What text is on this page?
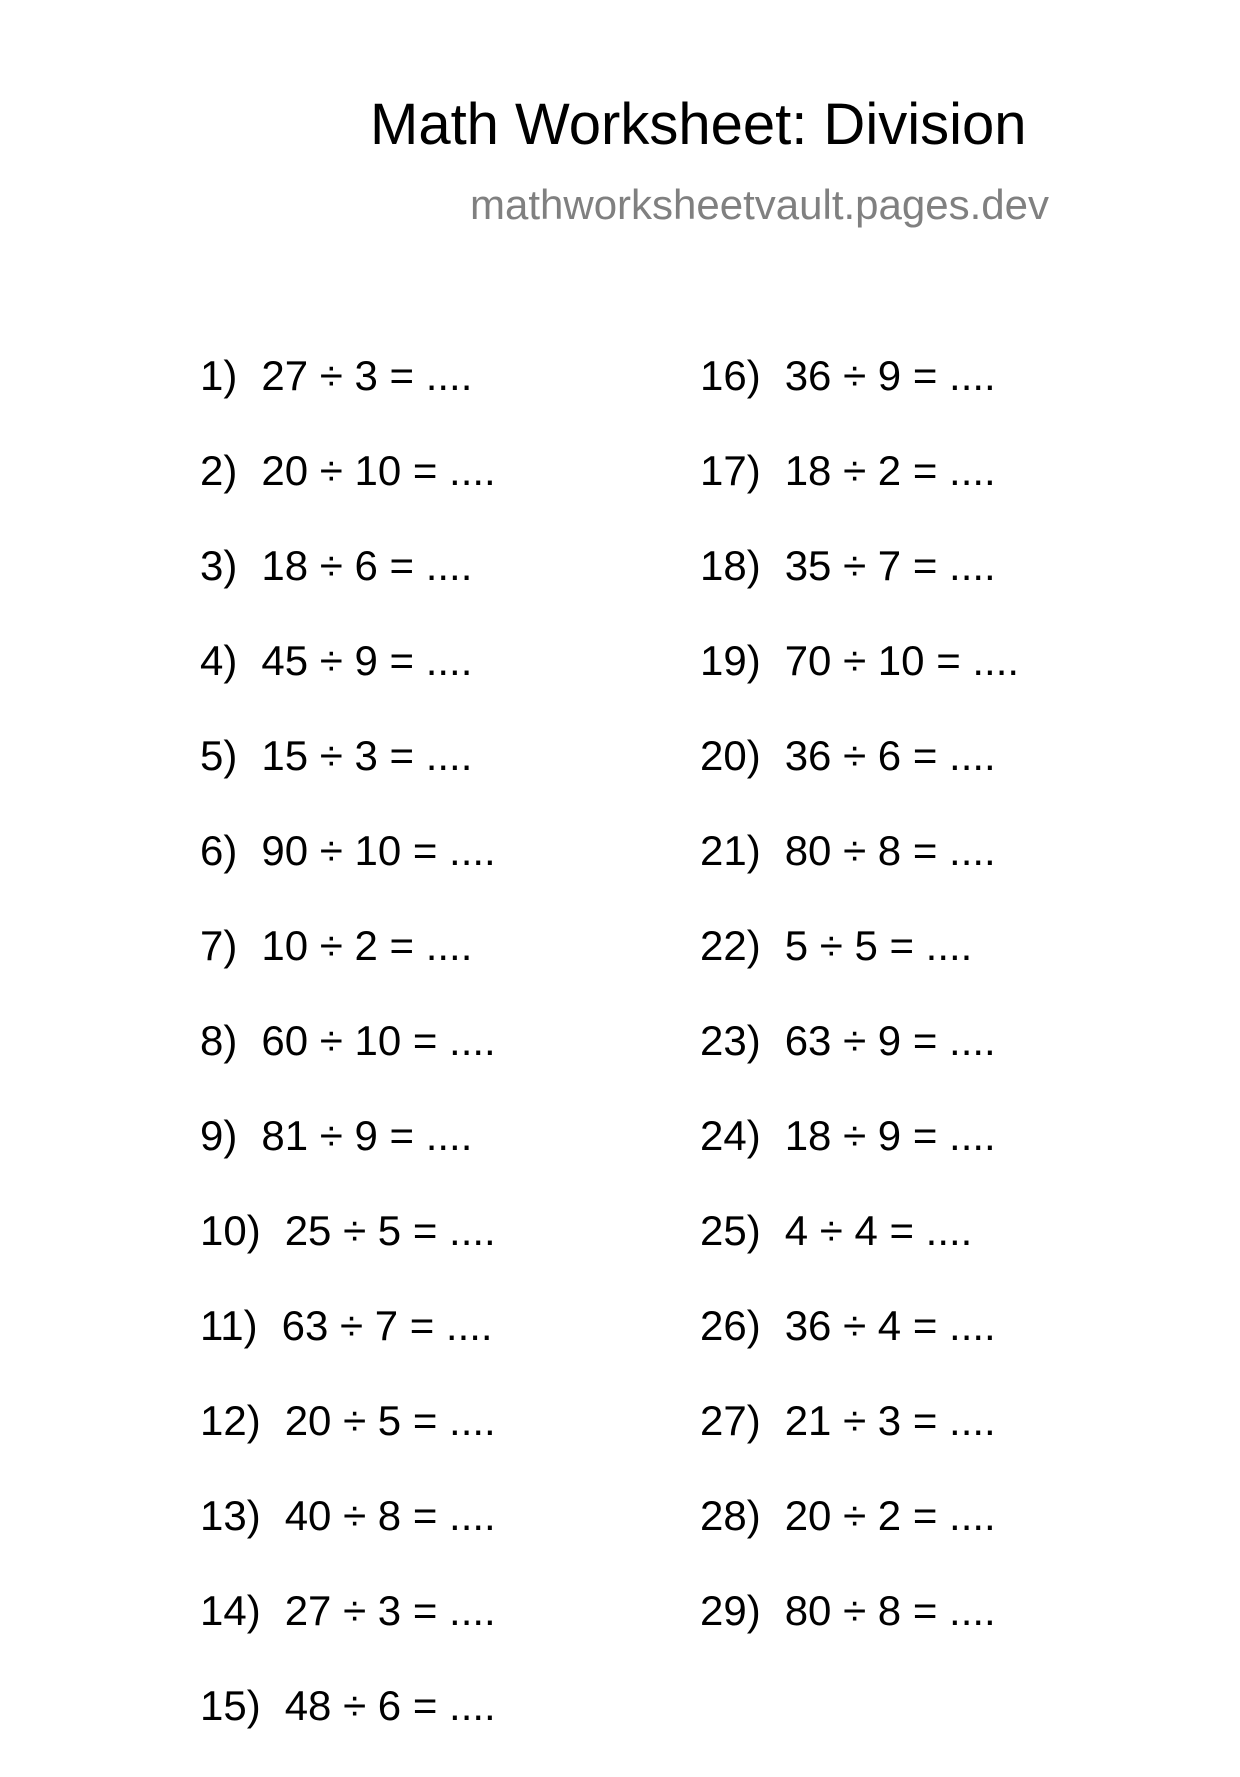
Math Worksheet: Division
mathworksheetvault.pages.dev
1) 27 ÷ 3 = ....
2) 20 ÷ 10 = ....
3) 18 ÷ 6 = ....
4) 45 ÷ 9 = ....
5) 15 ÷ 3 = ....
6) 90 ÷ 10 = ....
7) 10 ÷ 2 = ....
8) 60 ÷ 10 = ....
9) 81 ÷ 9 = ....
10) 25 ÷ 5 = ....
11) 63 ÷ 7 = ....
12) 20 ÷ 5 = ....
13) 40 ÷ 8 = ....
14) 27 ÷ 3 = ....
15) 48 ÷ 6 = ....
16) 36 ÷ 9 = ....
17) 18 ÷ 2 = ....
18) 35 ÷ 7 = ....
19) 70 ÷ 10 = ....
20) 36 ÷ 6 = ....
21) 80 ÷ 8 = ....
22) 5 ÷ 5 = ....
23) 63 ÷ 9 = ....
24) 18 ÷ 9 = ....
25) 4 ÷ 4 = ....
26) 36 ÷ 4 = ....
27) 21 ÷ 3 = ....
28) 20 ÷ 2 = ....
29) 80 ÷ 8 = ....
